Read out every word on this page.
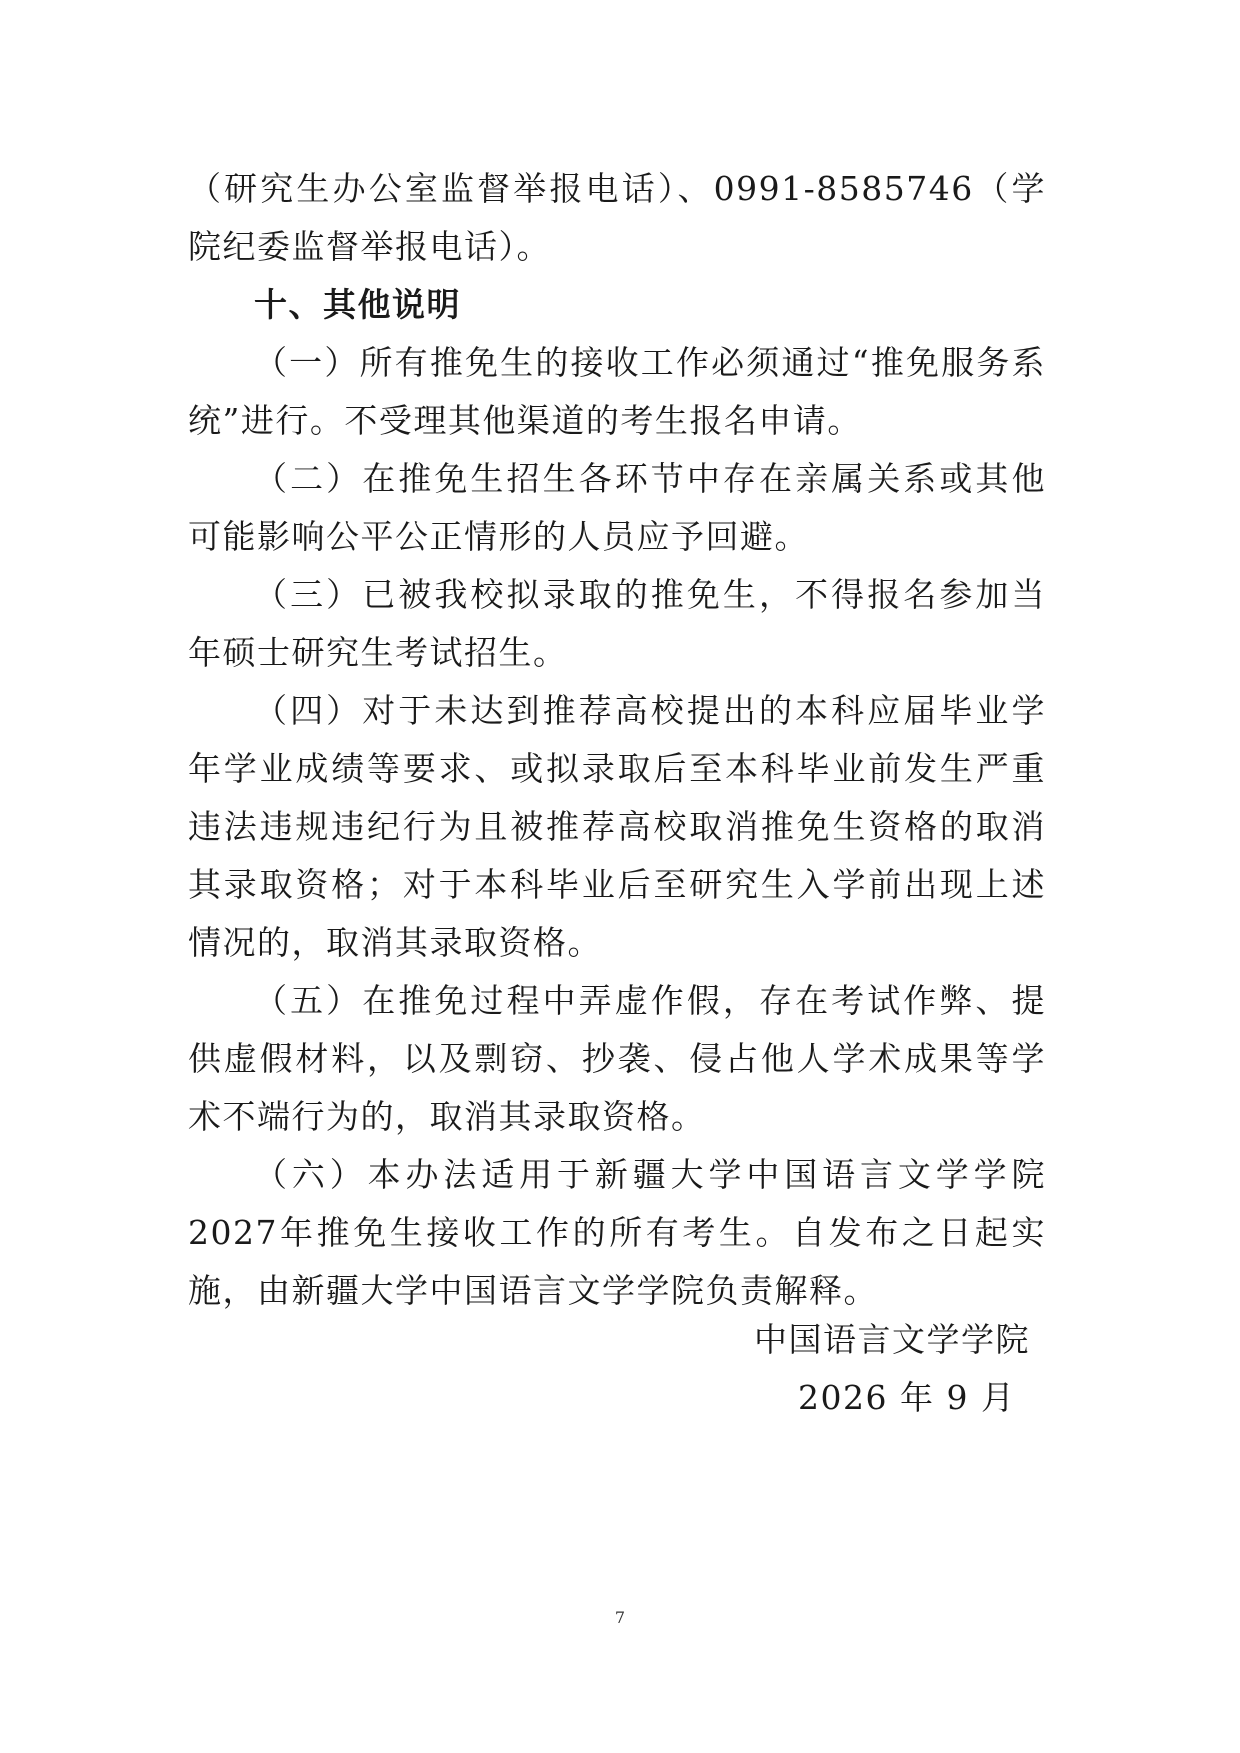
（研究生办公室监督举报电话）、0991-8585746（学院纪委监督举报电话）。

十、其他说明

（一）所有推免生的接收工作必须通过“推免服务系统”进行。不受理其他渠道的考生报名申请。

（二）在推免生招生各环节中存在亲属关系或其他可能影响公平公正情形的人员应予回避。

（三）已被我校拟录取的推免生，不得报名参加当年硕士研究生考试招生。

（四）对于未达到推荐高校提出的本科应届毕业学年学业成绩等要求、或拟录取后至本科毕业前发生严重违法违规违纪行为且被推荐高校取消推免生资格的取消其录取资格；对于本科毕业后至研究生入学前出现上述情况的，取消其录取资格。

（五）在推免过程中弄虚作假，存在考试作弊、提供虚假材料，以及剽窃、抄袭、侵占他人学术成果等学术不端行为的，取消其录取资格。

（六）本办法适用于新疆大学中国语言文学学院2027年推免生接收工作的所有考生。自发布之日起实施，由新疆大学中国语言文学学院负责解释。

中国语言文学学院
2026 年 9 月
7
